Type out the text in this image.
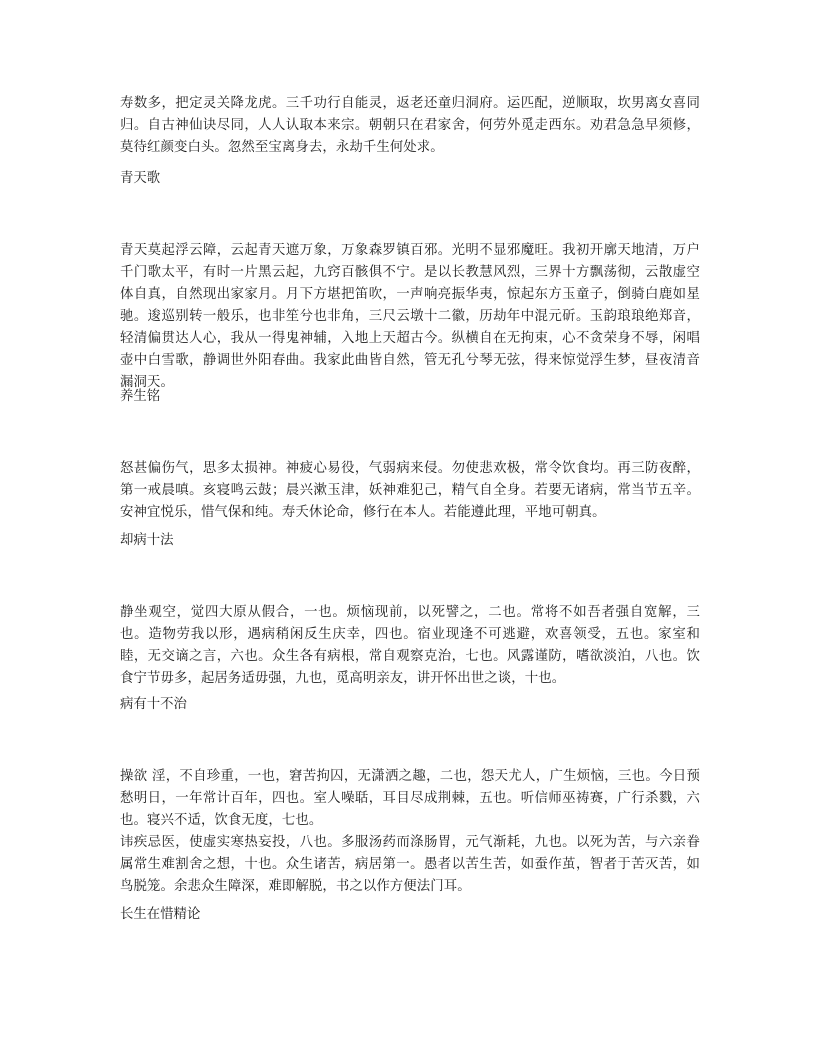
寿数多，把定灵关降龙虎。三千功行自能灵，返老还童归洞府。运匹配，逆顺取，坎男离女喜同归。自古神仙诀尽同，人人认取本来宗。朝朝只在君家舍，何劳外觅走西东。劝君急急早须修，莫待红颜变白头。忽然至宝离身去，永劫千生何处求。

青天歌

青天莫起浮云障，云起青天遮万象，万象森罗镇百邪。光明不显邪魔旺。我初开廓天地清，万户千门歌太平，有时一片黑云起，九窍百骸俱不宁。是以长教慧风烈，三界十方飘荡彻，云散虚空体自真，自然现出家家月。月下方堪把笛吹，一声响亮振华夷，惊起东方玉童子，倒骑白鹿如星驰。逡巡别转一般乐，也非笙兮也非角，三尺云墩十二徽，历劫年中混元斫。玉韵琅琅绝郑音，轻清偏贯达人心，我从一得鬼神辅，入地上天超古今。纵横自在无拘束，心不贪荣身不辱，闲唱壶中白雪歌，静调世外阳春曲。我家此曲皆自然，管无孔兮琴无弦，得来惊觉浮生梦，昼夜清音漏洞天。

养生铭

怒甚偏伤气，思多太损神。神疲心易役，气弱病来侵。勿使悲欢极，常令饮食均。再三防夜醉，第一戒晨嗔。亥寝鸣云鼓；晨兴漱玉津，妖神难犯己，精气自全身。若要无诸病，常当节五辛。安神宜悦乐，惜气保和纯。寿夭休论命，修行在本人。若能遵此理，平地可朝真。

却病十法

静坐观空，觉四大原从假合，一也。烦恼现前，以死譬之，二也。常将不如吾者强自宽解，三也。造物劳我以形，遇病稍闲反生庆幸，四也。宿业现逢不可逃避，欢喜领受，五也。家室和睦，无交谪之言，六也。众生各有病根，常自观察克治，七也。风露谨防，嗜欲淡泊，八也。饮食宁节毋多，起居务适毋强，九也，觅高明亲友，讲开怀出世之谈，十也。

病有十不治

操欲 淫，不自珍重，一也，窘苦拘囚，无潇洒之趣，二也，怨天尤人，广生烦恼，三也。今日预愁明日，一年常计百年，四也。室人噪聒，耳目尽成荆棘，五也。听信师巫祷赛，广行杀戮，六也。寝兴不适，饮食无度，七也。

讳疾忌医，使虚实寒热妄投，八也。多服汤药而涤肠胃，元气渐耗，九也。以死为苦，与六亲眷属常生难割舍之想，十也。众生诸苦，病居第一。愚者以苦生苦，如蚕作茧，智者于苦灭苦，如鸟脱笼。余悲众生障深，难即解脱，书之以作方便法门耳。

长生在惜精论
